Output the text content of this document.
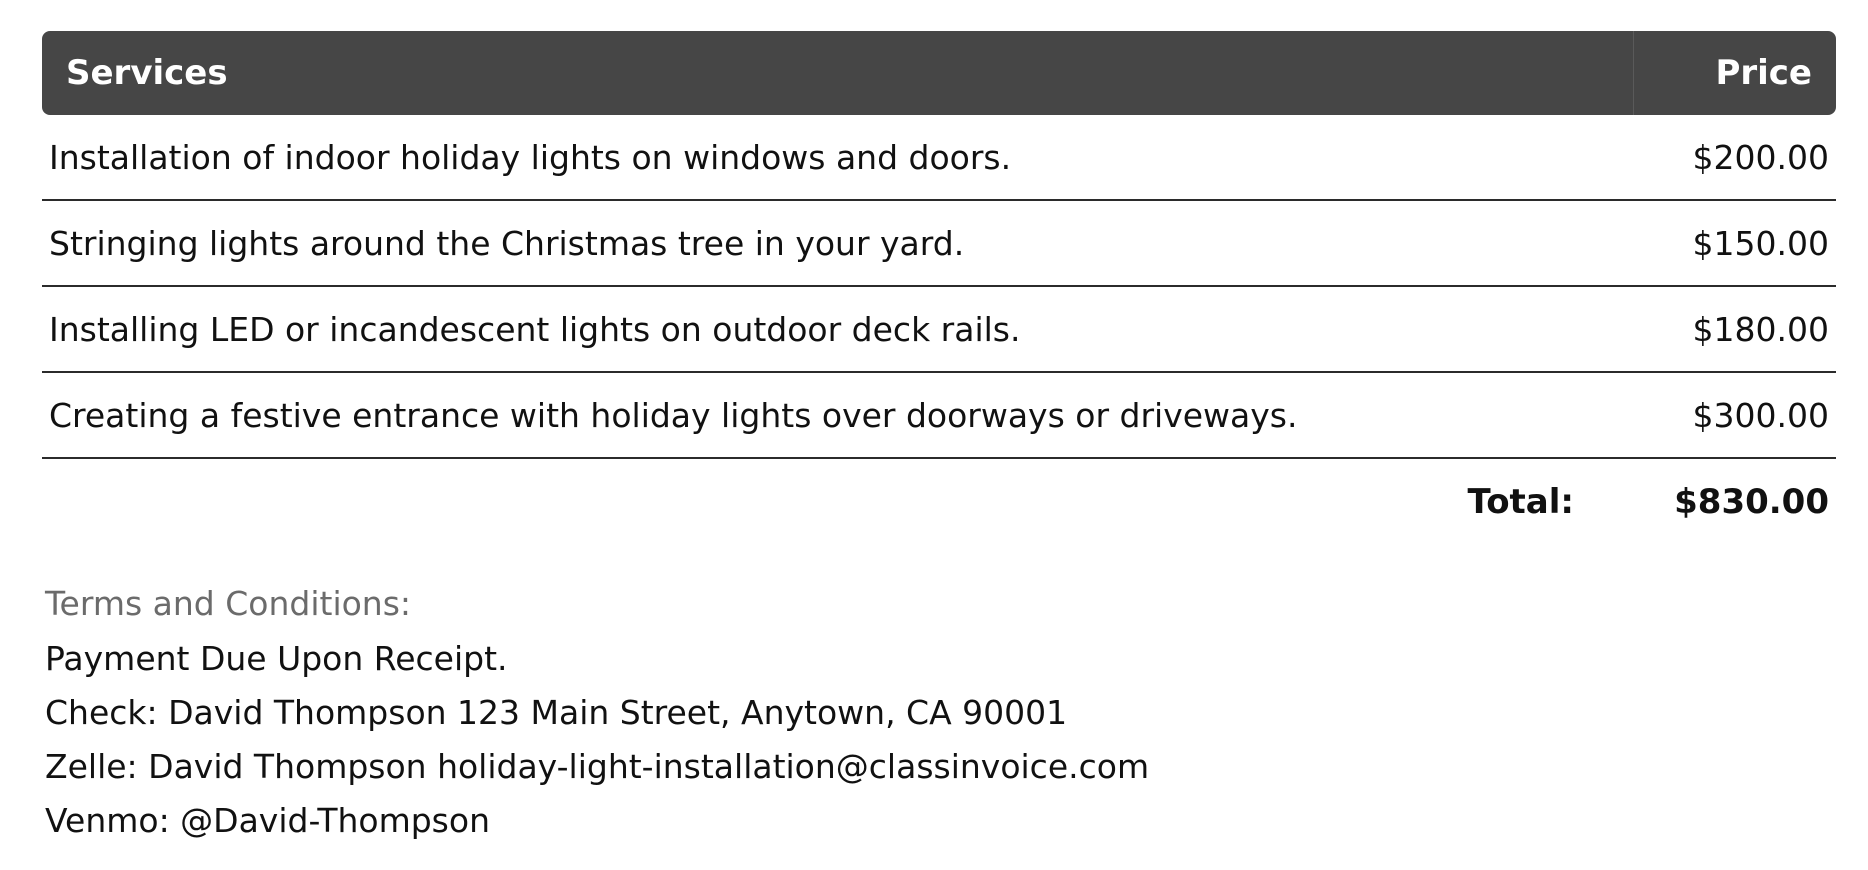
Services	Price
Installation of indoor holiday lights on windows and doors.	$200.00
Stringing lights around the Christmas tree in your yard.	$150.00
Installing LED or incandescent lights on outdoor deck rails.	$180.00
Creating a festive entrance with holiday lights over doorways or driveways.	$300.00
Total:	$830.00
Terms and Conditions:
Payment Due Upon Receipt.
Check: David Thompson 123 Main Street, Anytown, CA 90001
Zelle: David Thompson holiday-light-installation@classinvoice.com
Venmo: @David-Thompson
